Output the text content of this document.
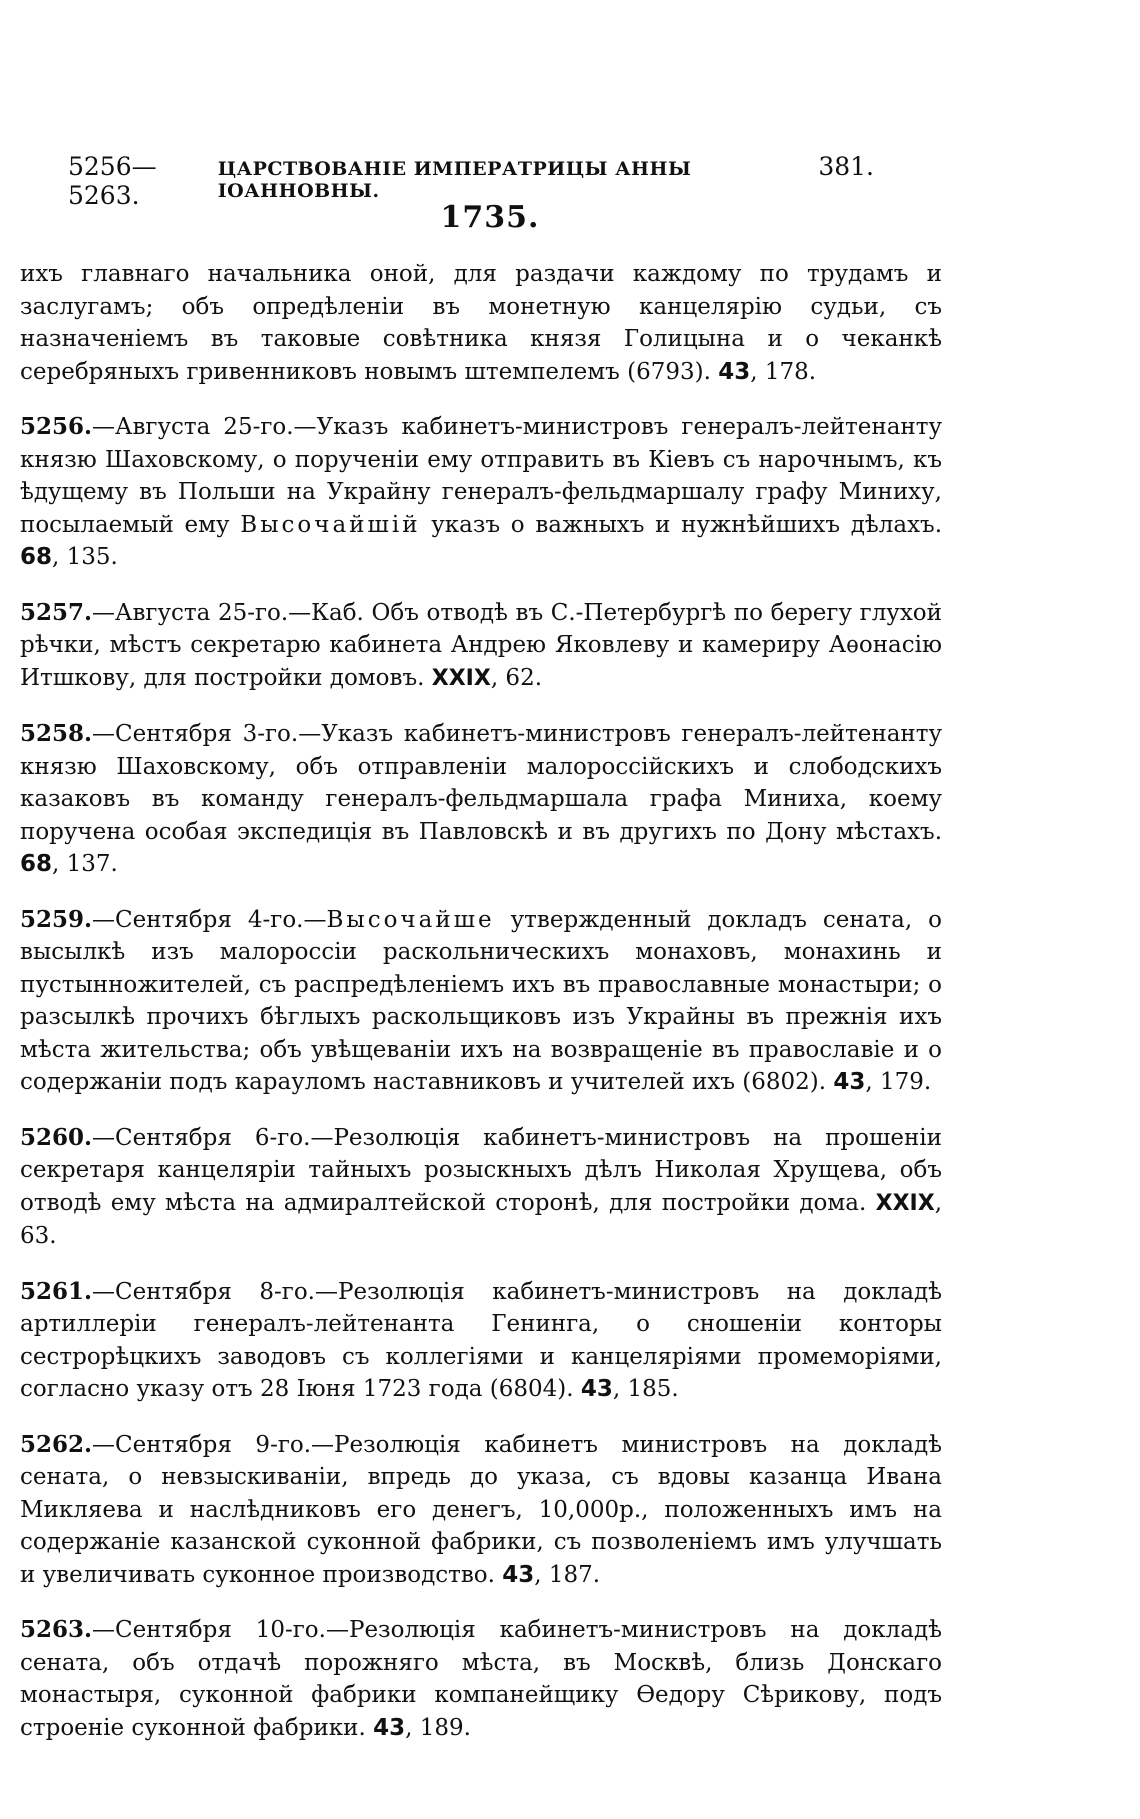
5256—5263.
ЦАРСТВОВАНІЕ ИМПЕРАТРИЦЫ АННЫ ІОАННОВНЫ.
381.
1735.

ихъ главнаго начальника оной, для раздачи каждому по трудамъ и заслугамъ; объ опредѣленіи въ монетную канцелярію судьи, съ назначеніемъ въ таковые совѣтника князя Голицына и о чеканкѣ серебряныхъ гривенниковъ новымъ штемпелемъ (6793). 43, 178.

5256.—Августа 25-го.—Указъ кабинетъ-министровъ генералъ-лейтенанту князю Шаховскому, о порученіи ему отправить въ Кіевъ съ нарочнымъ, къ ѣдущему въ Польши на Украйну генералъ-фельдмаршалу графу Миниху, посылаемый ему Высочайшій указъ о важныхъ и нужнѣйшихъ дѣлахъ. 68, 135.

5257.—Августа 25-го.—Каб. Объ отводѣ въ С.-Петербургѣ по берегу глухой рѣчки, мѣстъ секретарю кабинета Андрею Яковлеву и камериру Аѳонасію Итшкову, для постройки домовъ. XXIX, 62.

5258.—Сентября 3-го.—Указъ кабинетъ-министровъ генералъ-лейтенанту князю Шаховскому, объ отправленіи малороссійскихъ и слободскихъ казаковъ въ команду генералъ-фельдмаршала графа Миниха, коему поручена особая экспедиція въ Павловскѣ и въ другихъ по Дону мѣстахъ. 68, 137.

5259.—Сентября 4-го.—Высочайше утвержденный докладъ сената, о высылкѣ изъ малороссіи раскольническихъ монаховъ, монахинь и пустынножителей, съ распредѣленіемъ ихъ въ православные монастыри; о разсылкѣ прочихъ бѣглыхъ раскольщиковъ изъ Украйны въ прежнія ихъ мѣста жительства; объ увѣщеваніи ихъ на возвращеніе въ православіе и о содержаніи подъ карауломъ наставниковъ и учителей ихъ (6802). 43, 179.

5260.—Сентября 6-го.—Резолюція кабинетъ-министровъ на прошеніи секретаря канцеляріи тайныхъ розыскныхъ дѣлъ Николая Хрущева, объ отводѣ ему мѣста на адмиралтейской сторонѣ, для постройки дома. XXIX, 63.

5261.—Сентября 8-го.—Резолюція кабинетъ-министровъ на докладѣ артиллеріи генералъ-лейтенанта Генинга, о сношеніи конторы сестрорѣцкихъ заводовъ съ коллегіями и канцеляріями промеморіями, согласно указу отъ 28 Іюня 1723 года (6804). 43, 185.

5262.—Сентября 9-го.—Резолюція кабинетъ министровъ на докладѣ сената, о невзыскиваніи, впредь до указа, съ вдовы казанца Ивана Микляева и наслѣдниковъ его денегъ, 10,000р., положенныхъ имъ на содержаніе казанской суконной фабрики, съ позволеніемъ имъ улучшать и увеличивать суконное производство. 43, 187.

5263.—Сентября 10-го.—Резолюція кабинетъ-министровъ на докладѣ сената, объ отдачѣ порожняго мѣста, въ Москвѣ, близь Донскаго монастыря, суконной фабрики компанейщику Ѳедору Сѣрикову, подъ строеніе суконной фабрики. 43, 189.
